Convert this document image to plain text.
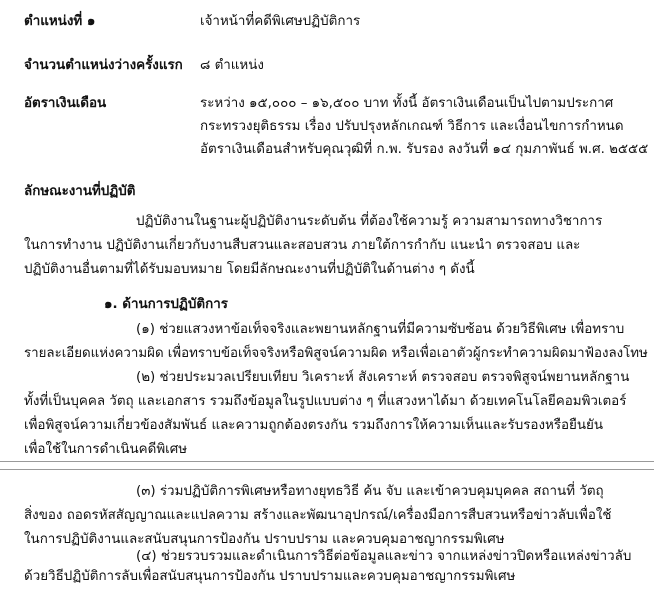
ตำแหน่งที่ ๑	เจ้าหน้าที่คดีพิเศษปฏิบัติการ
จำนวนตำแหน่งว่างครั้งแรก ๘ ตำแหน่ง
อัตราเงินเดือน	ระหว่าง ๑๕,๐๐๐ – ๑๖,๕๐๐ บาท ทั้งนี้ อัตราเงินเดือนเป็นไปตามประกาศ
กระทรวงยุติธรรม เรื่อง ปรับปรุงหลักเกณฑ์ วิธีการ และเงื่อนไขการกำหนด
อัตราเงินเดือนสำหรับคุณวุฒิที่ ก.พ. รับรอง ลงวันที่ ๑๔ กุมภาพันธ์ พ.ศ. ๒๕๕๕
ลักษณะงานที่ปฏิบัติ
ปฏิบัติงานในฐานะผู้ปฏิบัติงานระดับต้น ที่ต้องใช้ความรู้ ความสามารถทางวิชาการ
ในการทำงาน ปฏิบัติงานเกี่ยวกับงานสืบสวนและสอบสวน ภายใต้การกำกับ แนะนำ ตรวจสอบ และ
ปฏิบัติงานอื่นตามที่ได้รับมอบหมาย โดยมีลักษณะงานที่ปฏิบัติในด้านต่าง ๆ ดังนี้
๑. ด้านการปฏิบัติการ
(๑) ช่วยแสวงหาข้อเท็จจริงและพยานหลักฐานที่มีความซับซ้อน ด้วยวิธีพิเศษ เพื่อทราบ
รายละเอียดแห่งความผิด เพื่อทราบข้อเท็จจริงหรือพิสูจน์ความผิด หรือเพื่อเอาตัวผู้กระทำความผิดมาฟ้องลงโทษ
(๒) ช่วยประมวลเปรียบเทียบ วิเคราะห์ สังเคราะห์ ตรวจสอบ ตรวจพิสูจน์พยานหลักฐาน
ทั้งที่เป็นบุคคล วัตถุ และเอกสาร รวมถึงข้อมูลในรูปแบบต่าง ๆ ที่แสวงหาได้มา ด้วยเทคโนโลยีคอมพิวเตอร์
เพื่อพิสูจน์ความเกี่ยวข้องสัมพันธ์ และความถูกต้องตรงกัน รวมถึงการให้ความเห็นและรับรองหรือยืนยัน
เพื่อใช้ในการดำเนินคดีพิเศษ
(๓) ร่วมปฏิบัติการพิเศษหรือทางยุทธวิธี ค้น จับ และเข้าควบคุมบุคคล สถานที่ วัตถุ
สิ่งของ ถอดรหัสสัญญาณและแปลความ สร้างและพัฒนาอุปกรณ์/เครื่องมือการสืบสวนหรือข่าวลับเพื่อใช้
ในการปฏิบัติงานและสนับสนุนการป้องกัน ปราบปราม และควบคุมอาชญากรรมพิเศษ
(๔) ช่วยรวบรวมและดำเนินการวิธีต่อข้อมูลและข่าว จากแหล่งข่าวปิดหรือแหล่งข่าวลับ
ด้วยวิธีปฏิบัติการลับเพื่อสนับสนุนการป้องกัน ปราบปรามและควบคุมอาชญากรรมพิเศษ
